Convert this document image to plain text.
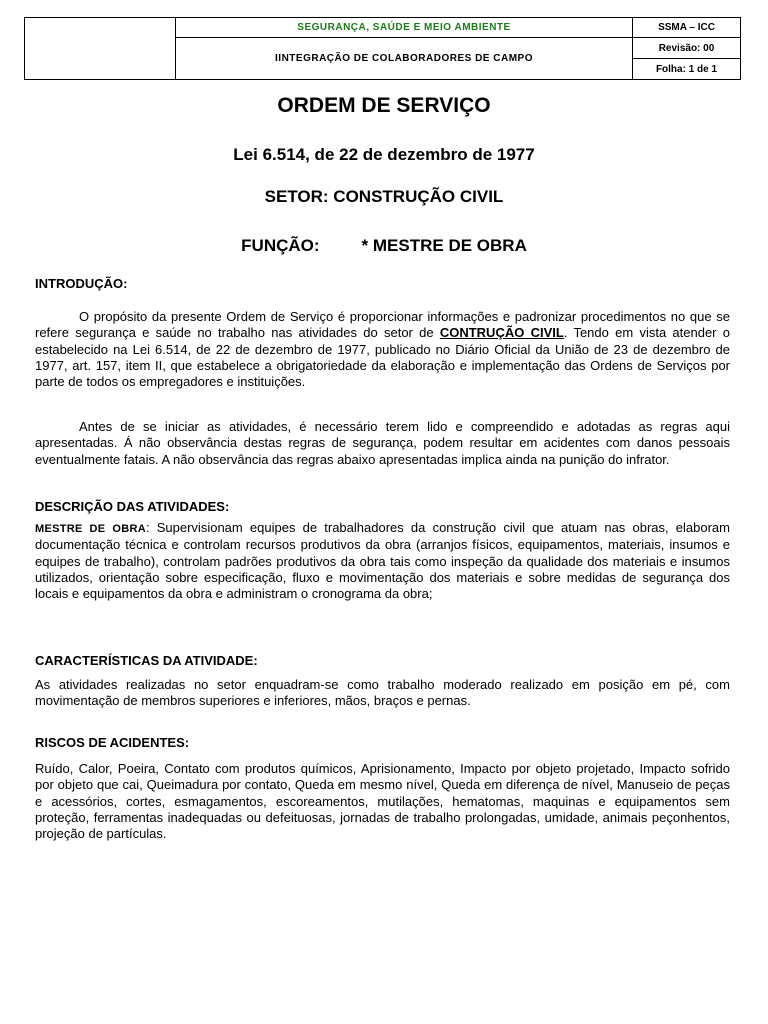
	SEGURANÇA, SAÚDE E MEIO AMBIENTE	SSMA – ICC
	IINTEGRAÇÃO DE COLABORADORES DE CAMPO	Revisão: 00
		Folha: 1 de 1
ORDEM DE SERVIÇO
Lei 6.514, de 22 de dezembro de 1977
SETOR: CONSTRUÇÃO CIVIL
FUNÇÃO: * MESTRE DE OBRA
INTRODUÇÃO:
O propósito da presente Ordem de Serviço é proporcionar informações e padronizar procedimentos no que se refere segurança e saúde no trabalho nas atividades do setor de CONTRUÇÃO CIVIL. Tendo em vista atender o estabelecido na Lei 6.514, de 22 de dezembro de 1977, publicado no Diário Oficial da União de 23 de dezembro de 1977, art. 157, item II, que estabelece a obrigatoriedade da elaboração e implementação das Ordens de Serviços por parte de todos os empregadores e instituições.
Antes de se iniciar as atividades, é necessário terem lido e compreendido e adotadas as regras aqui apresentadas. Á não observância destas regras de segurança, podem resultar em acidentes com danos pessoais eventualmente fatais. A não observância das regras abaixo apresentadas implica ainda na punição do infrator.
DESCRIÇÃO DAS ATIVIDADES:
MESTRE DE OBRA: Supervisionam equipes de trabalhadores da construção civil que atuam nas obras, elaboram documentação técnica e controlam recursos produtivos da obra (arranjos físicos, equipamentos, materiais, insumos e equipes de trabalho), controlam padrões produtivos da obra tais como inspeção da qualidade dos materiais e insumos utilizados, orientação sobre especificação, fluxo e movimentação dos materiais e sobre medidas de segurança dos locais e equipamentos da obra e administram o cronograma da obra;
CARACTERÍSTICAS DA ATIVIDADE:
As atividades realizadas no setor enquadram-se como trabalho moderado realizado em posição em pé, com movimentação de membros superiores e inferiores, mãos, braços e pernas.
RISCOS DE ACIDENTES:
Ruído, Calor, Poeira, Contato com produtos químicos, Aprisionamento, Impacto por objeto projetado, Impacto sofrido por objeto que cai, Queimadura por contato, Queda em mesmo nível, Queda em diferença de nível, Manuseio de peças e acessórios, cortes, esmagamentos, escoreamentos, mutilações, hematomas, maquinas e equipamentos sem proteção, ferramentas inadequadas ou defeituosas, jornadas de trabalho prolongadas, umidade, animais peçonhentos, projeção de partículas.
